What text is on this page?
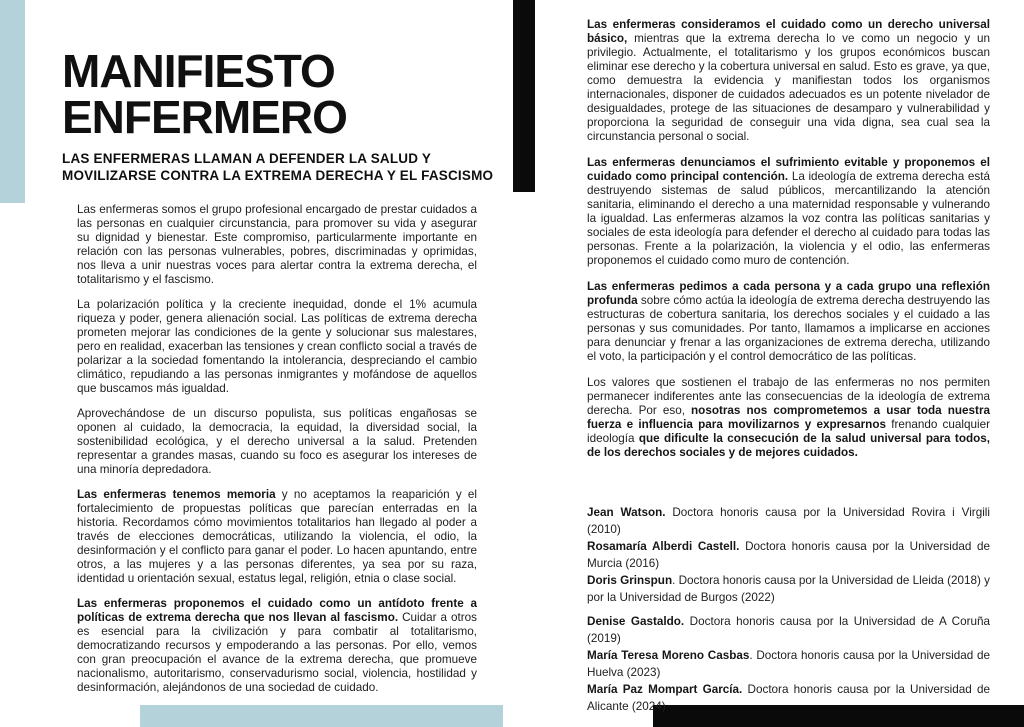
MANIFIESTO
ENFERMERO
LAS ENFERMERAS LLAMAN A DEFENDER LA SALUD Y
MOVILIZARSE CONTRA LA EXTREMA DERECHA Y EL FASCISMO

Las enfermeras somos el grupo profesional encargado de prestar cuidados a las personas en cualquier circunstancia, para promover su vida y asegurar su dignidad y bienestar. Este compromiso, particularmente importante en relación con las personas vulnerables, pobres, discriminadas y oprimidas, nos lleva a unir nuestras voces para alertar contra la extrema derecha, el totalitarismo y el fascismo.

La polarización política y la creciente inequidad, donde el 1% acumula riqueza y poder, genera alienación social. Las políticas de extrema derecha prometen mejorar las condiciones de la gente y solucionar sus malestares, pero en realidad, exacerban las tensiones y crean conflicto social a través de polarizar a la sociedad fomentando la intolerancia, despreciando el cambio climático, repudiando a las personas inmigrantes y mofándose de aquellos que buscamos más igualdad.

Aprovechándose de un discurso populista, sus políticas engañosas se oponen al cuidado, la democracia, la equidad, la diversidad social, la sostenibilidad ecológica, y el derecho universal a la salud. Pretenden representar a grandes masas, cuando su foco es asegurar los intereses de una minoría depredadora.

Las enfermeras tenemos memoria y no aceptamos la reaparición y el fortalecimiento de propuestas políticas que parecían enterradas en la historia. Recordamos cómo movimientos totalitarios han llegado al poder a través de elecciones democráticas, utilizando la violencia, el odio, la desinformación y el conflicto para ganar el poder. Lo hacen apuntando, entre otros, a las mujeres y a las personas diferentes, ya sea por su raza, identidad u orientación sexual, estatus legal, religión, etnia o clase social.

Las enfermeras proponemos el cuidado como un antídoto frente a políticas de extrema derecha que nos llevan al fascismo. Cuidar a otros es esencial para la civilización y para combatir al totalitarismo, democratizando recursos y empoderando a las personas. Por ello, vemos con gran preocupación el avance de la extrema derecha, que promueve nacionalismo, autoritarismo, conservadurismo social, violencia, hostilidad y desinformación, alejándonos de una sociedad de cuidado.

Las enfermeras consideramos el cuidado como un derecho universal básico, mientras que la extrema derecha lo ve como un negocio y un privilegio. Actualmente, el totalitarismo y los grupos económicos buscan eliminar ese derecho y la cobertura universal en salud. Esto es grave, ya que, como demuestra la evidencia y manifiestan todos los organismos internacionales, disponer de cuidados adecuados es un potente nivelador de desigualdades, protege de las situaciones de desamparo y vulnerabilidad y proporciona la seguridad de conseguir una vida digna, sea cual sea la circunstancia personal o social.

Las enfermeras denunciamos el sufrimiento evitable y proponemos el cuidado como principal contención. La ideología de extrema derecha está destruyendo sistemas de salud públicos, mercantilizando la atención sanitaria, eliminando el derecho a una maternidad responsable y vulnerando la igualdad. Las enfermeras alzamos la voz contra las políticas sanitarias y sociales de esta ideología para defender el derecho al cuidado para todas las personas. Frente a la polarización, la violencia y el odio, las enfermeras proponemos el cuidado como muro de contención.

Las enfermeras pedimos a cada persona y a cada grupo una reflexión profunda sobre cómo actúa la ideología de extrema derecha destruyendo las estructuras de cobertura sanitaria, los derechos sociales y el cuidado a las personas y sus comunidades. Por tanto, llamamos a implicarse en acciones para denunciar y frenar a las organizaciones de extrema derecha, utilizando el voto, la participación y el control democrático de las políticas.

Los valores que sostienen el trabajo de las enfermeras no nos permiten permanecer indiferentes ante las consecuencias de la ideología de extrema derecha. Por eso, nosotras nos comprometemos a usar toda nuestra fuerza e influencia para movilizarnos y expresarnos frenando cualquier ideología que dificulte la consecución de la salud universal para todos, de los derechos sociales y de mejores cuidados.

Jean Watson. Doctora honoris causa por la Universidad Rovira i Virgili (2010)

Rosamaría Alberdi Castell. Doctora honoris causa por la Universidad de Murcia (2016)

Doris Grinspun. Doctora honoris causa por la Universidad de Lleida (2018) y por la Universidad de Burgos (2022)

Denise Gastaldo. Doctora honoris causa por la Universidad de A Coruña (2019)

María Teresa Moreno Casbas. Doctora honoris causa por la Universidad de Huelva (2023)

María Paz Mompart García. Doctora honoris causa por la Universidad de Alicante (2024)
